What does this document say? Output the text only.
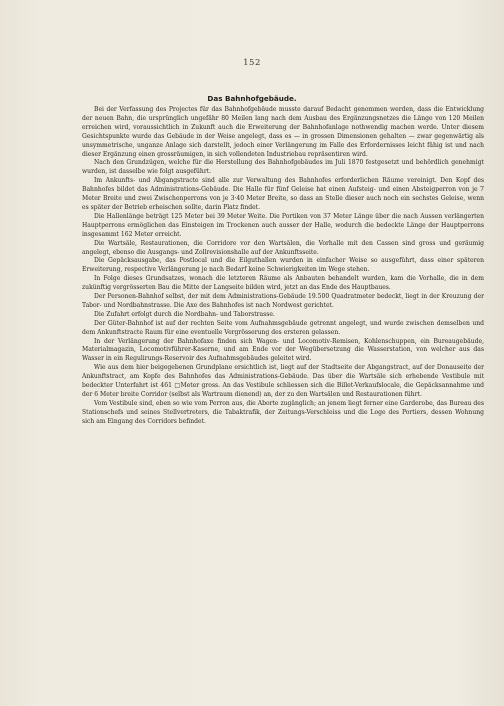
152
Das Bahnhofgebäude.

Bei der Verfassung des Projectes für das Bahnhofgebäude musste darauf Bedacht genommen werden, dass die Entwicklung der neuen Bahn, die ursprünglich ungefähr 80 Meilen lang nach dem Ausbau des Ergänzungsnetzes die Länge von 120 Meilen erreichen wird, voraussichtlich in Zukunft auch die Erweiterung der Bahnhofanlage nothwendig machen werde. Unter diesem Gesichtspunkte wurde das Gebäude in der Weise angelegt, dass es — in grossen Dimensionen gehalten — zwar gegenwärtig als unsymmetrische, unganze Anlage sich darstellt, jedoch einer Verlängerung im Falle des Erfordernisses leicht fähig ist und nach dieser Ergänzung einen grossräumigen, in sich vollendeten Industriebau repräsentiren wird.

Nach den Grundzügen, welche für die Herstellung des Bahnhofgebäudes im Juli 1870 festgesetzt und behördlich genehmigt wurden, ist dasselbe wie folgt ausgeführt.

Im Ankunfts- und Abgangstracte sind alle zur Verwaltung des Bahnhofes erforderlichen Räume vereinigt. Den Kopf des Bahnhofes bildet das Administrations-Gebäude. Die Halle für fünf Geleise hat einen Aufsteig- und einen Absteigperron von je 7 Meter Breite und zwei Zwischenperrons von je 3·40 Meter Breite, so dass an Stelle dieser auch noch ein sechstes Geleise, wenn es später der Betrieb erheischen sollte, darin Platz findet.

Die Hallenlänge beträgt 125 Meter bei 39 Meter Weite. Die Portiken von 37 Meter Länge über die nach Aussen verlängerten Hauptperrons ermöglichen das Einsteigen im Trockenen auch ausser der Halle, wodurch die bedeckte Länge der Hauptperrons insgesammt 162 Meter erreicht.

Die Wartsäle, Restaurationen, die Corridore vor den Wartsälen, die Vorhalle mit den Cassen sind gross und geräumig angelegt, ebenso die Ausgangs- und Zollrevisionshalle auf der Ankunftsseite.

Die Gepäcksausgabe, das Postlocal und die Eilguthallen wurden in einfacher Weise so ausgeführt, dass einer späteren Erweiterung, respective Verlängerung je nach Bedarf keine Schwierigkeiten im Wege stehen.

In Folge dieses Grundsatzes, wonach die letzteren Räume als Anbauten behandelt wurden, kam die Vorhalle, die in dem zukünftig vergrösserten Bau die Mitte der Langseite bilden wird, jetzt an das Ende des Hauptbaues.

Der Personen-Bahnhof selbst, der mit dem Administrations-Gebäude 19.500 Quadratmeter bedeckt, liegt in der Kreuzung der Tabor- und Nordbahnstrasse. Die Axe des Bahnhofes ist nach Nordwest gerichtet.

Die Zufahrt erfolgt durch die Nordbahn- und Taborstrasse.

Der Güter-Bahnhof ist auf der rechten Seite vom Aufnahmsgebäude getrennt angelegt, und wurde zwischen demselben und dem Ankunftstracte Raum für eine eventuelle Vergrösserung des ersteren gelassen.

In der Verlängerung der Bahnhofaxe finden sich Wagen- und Locomotiv-Remisen, Kohlenschuppen, ein Bureaugebäude, Materialmagazin, Locomotivführer-Kaserne, und am Ende vor der Wegübersetzung die Wasserstation, von welcher aus das Wasser in ein Regulirungs-Reservoir des Aufnahmsgebäudes geleitet wird.

Wie aus dem hier beigegebenen Grundplane ersichtlich ist, liegt auf der Stadtseite der Abgangstract, auf der Donauseite der Ankunftstract, am Kopfe des Bahnhofes das Administrations-Gebäude. Das über die Wartsäle sich erhebende Vestibule mit bedeckter Unterfahrt ist 461 □Meter gross. An das Vestibule schliessen sich die Billet-Verkaufslocale, die Gepäcksannahme und der 6 Meter breite Corridor (selbst als Wartraum dienend) an, der zu den Wartsälen und Restaurationen führt.

Vom Vestibule sind, eben so wie vom Perron aus, die Aborte zugänglich; an jenem liegt ferner eine Garderobe, das Bureau des Stationschefs und seines Stellvertreters, die Tabaktrafik, der Zeitungs-Verschleiss und die Loge des Portiers, dessen Wohnung sich am Eingang des Corridors befindet.
